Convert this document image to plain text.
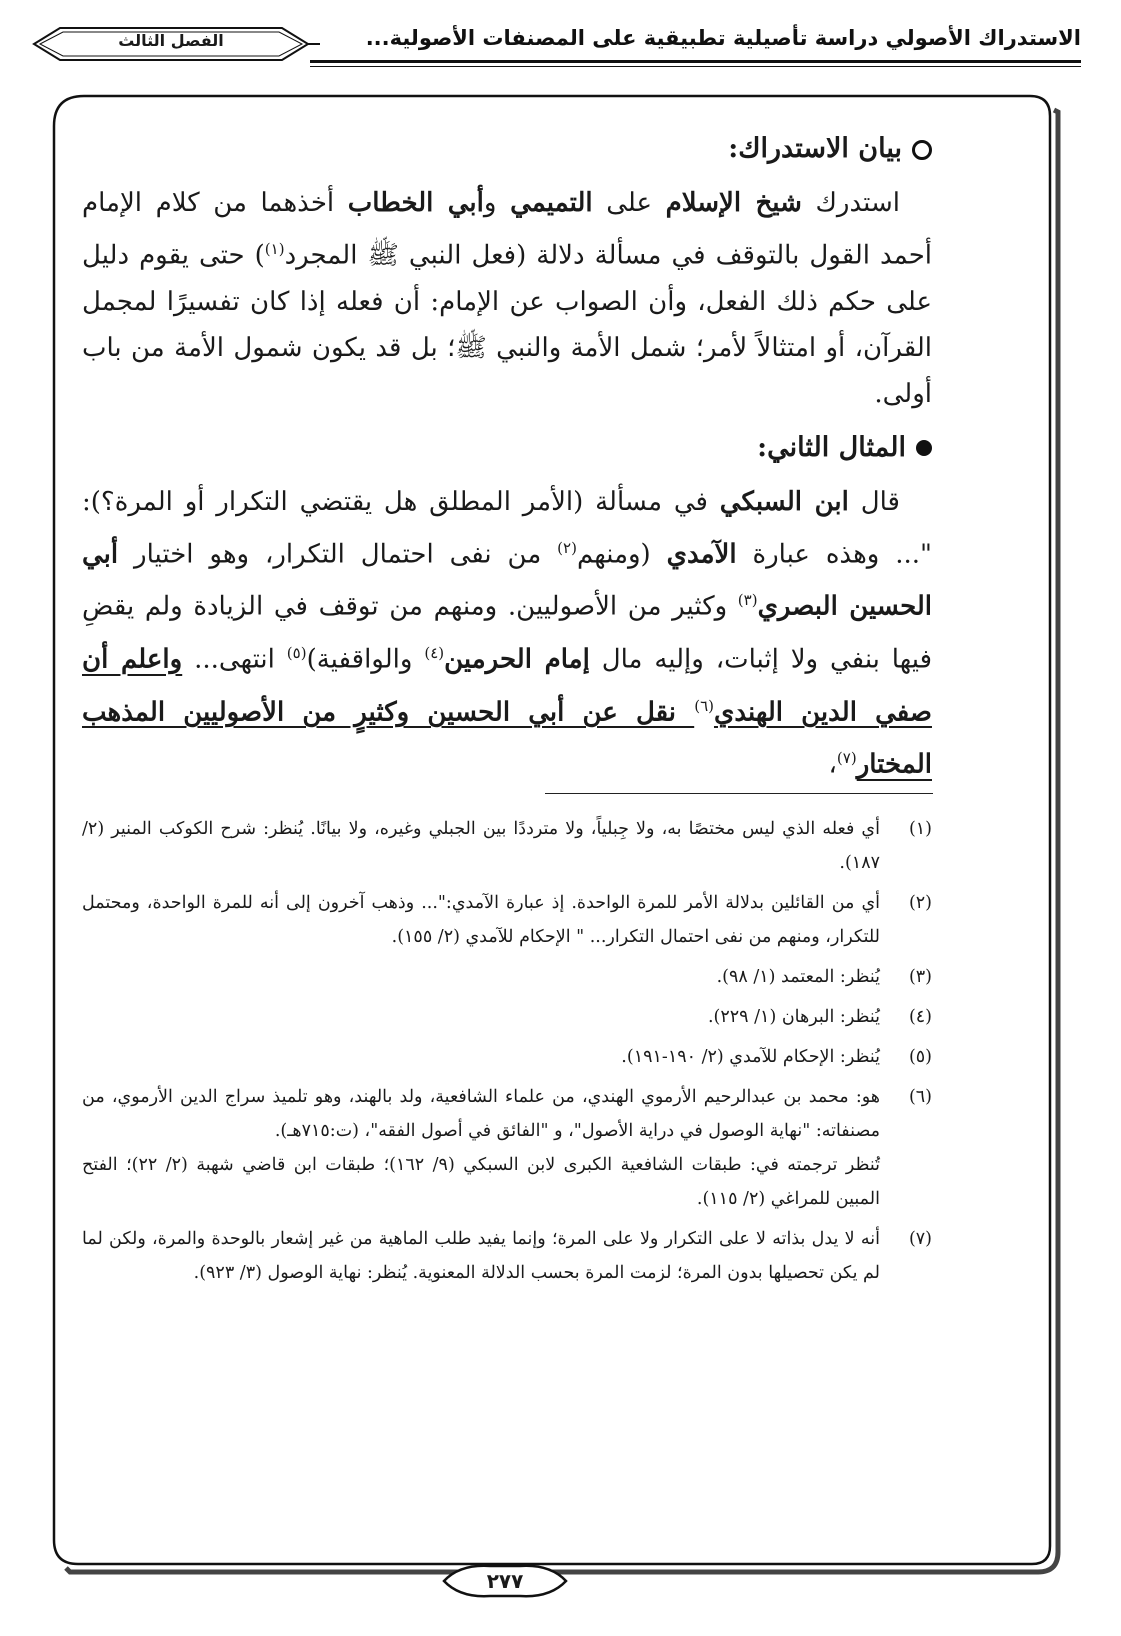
الاستدراك الأصولي دراسة تأصيلية تطبيقية على المصنفات الأصولية...
الفصل الثالث
بيان الاستدراك:

استدرك شيخ الإسلام على التميمي وأبي الخطاب أخذهما من كلام الإمام أحمد القول بالتوقف في مسألة دلالة (فعل النبي ﷺ المجرد$^{(١)}$) حتى يقوم دليل على حكم ذلك الفعل، وأن الصواب عن الإمام: أن فعله إذا كان تفسيرًا لمجمل القرآن، أو امتثالاً لأمر؛ شمل الأمة والنبي ﷺ؛ بل قد يكون شمول الأمة من باب أولى.

المثال الثاني:

قال ابن السبكي في مسألة (الأمر المطلق هل يقتضي التكرار أو المرة؟): "... وهذه عبارة الآمدي (ومنهم$^{(٢)}$ من نفى احتمال التكرار، وهو اختيار أبي الحسين البصري$^{(٣)}$ وكثير من الأصوليين. ومنهم من توقف في الزيادة ولم يقضِ فيها بنفي ولا إثبات، وإليه مال إمام الحرمين$^{(٤)}$ والواقفية)$^{(٥)}$ انتهى... واعلم أن صفي الدين الهندي$^{(٦)}$ نقل عن أبي الحسين وكثيرٍ من الأصوليين المذهب المختار$^{(٧)}$،

(١)
أي فعله الذي ليس مختصًا به، ولا جِبلياً، ولا مترددًا بين الجبلي وغيره، ولا بيانًا. يُنظر: شرح الكوكب المنير (٢/ ١٨٧).
(٢)
أي من القائلين بدلالة الأمر للمرة الواحدة. إذ عبارة الآمدي:"... وذهب آخرون إلى أنه للمرة الواحدة، ومحتمل للتكرار، ومنهم من نفى احتمال التكرار... " الإحكام للآمدي (٢/ ١٥٥).
(٣)
يُنظر: المعتمد (١/ ٩٨).
(٤)
يُنظر: البرهان (١/ ٢٢٩).
(٥)
يُنظر: الإحكام للآمدي (٢/ ١٩٠-١٩١).
(٦)
هو: محمد بن عبدالرحيم الأرموي الهندي، من علماء الشافعية، ولد بالهند، وهو تلميذ سراج الدين الأرموي، من مصنفاته: "نهاية الوصول في دراية الأصول"، و "الفائق في أصول الفقه"، (ت:٧١٥هـ).
تُنظر ترجمته في: طبقات الشافعية الكبرى لابن السبكي (٩/ ١٦٢)؛ طبقات ابن قاضي شهبة (٢/ ٢٢)؛ الفتح المبين للمراغي (٢/ ١١٥).
(٧)
أنه لا يدل بذاته لا على التكرار ولا على المرة؛ وإنما يفيد طلب الماهية من غير إشعار بالوحدة والمرة، ولكن لما لم يكن تحصيلها بدون المرة؛ لزمت المرة بحسب الدلالة المعنوية. يُنظر: نهاية الوصول (٣/ ٩٢٣).
٢٧٧
